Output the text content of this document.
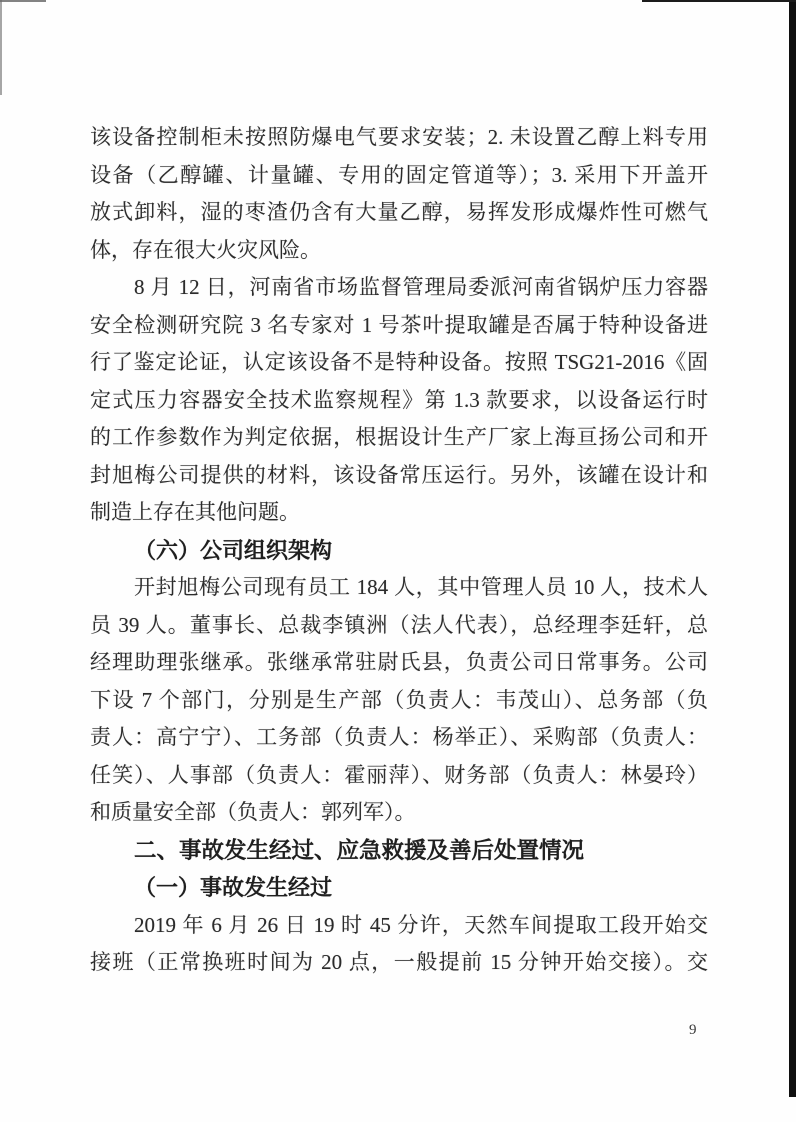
该设备控制柜未按照防爆电气要求安装；2. 未设置乙醇上料专用
设备（乙醇罐、计量罐、专用的固定管道等）；3. 采用下开盖开
放式卸料，湿的枣渣仍含有大量乙醇，易挥发形成爆炸性可燃气
体，存在很大火灾风险。
8 月 12 日，河南省市场监督管理局委派河南省锅炉压力容器
安全检测研究院 3 名专家对 1 号茶叶提取罐是否属于特种设备进
行了鉴定论证，认定该设备不是特种设备。按照 TSG21-2016《固
定式压力容器安全技术监察规程》第 1.3 款要求，以设备运行时
的工作参数作为判定依据，根据设计生产厂家上海亘扬公司和开
封旭梅公司提供的材料，该设备常压运行。另外，该罐在设计和
制造上存在其他问题。
（六）公司组织架构
开封旭梅公司现有员工 184 人，其中管理人员 10 人，技术人
员 39 人。董事长、总裁李镇洲（法人代表），总经理李廷轩，总
经理助理张继承。张继承常驻尉氏县，负责公司日常事务。公司
下设 7 个部门，分别是生产部（负责人：韦茂山）、总务部（负
责人：高宁宁）、工务部（负责人：杨举正）、采购部（负责人：
任笑）、人事部（负责人：霍丽萍）、财务部（负责人：林晏玲）
和质量安全部（负责人：郭列军）。
二、事故发生经过、应急救援及善后处置情况
（一）事故发生经过
2019 年 6 月 26 日 19 时 45 分许，天然车间提取工段开始交
接班（正常换班时间为 20 点，一般提前 15 分钟开始交接）。交
9
